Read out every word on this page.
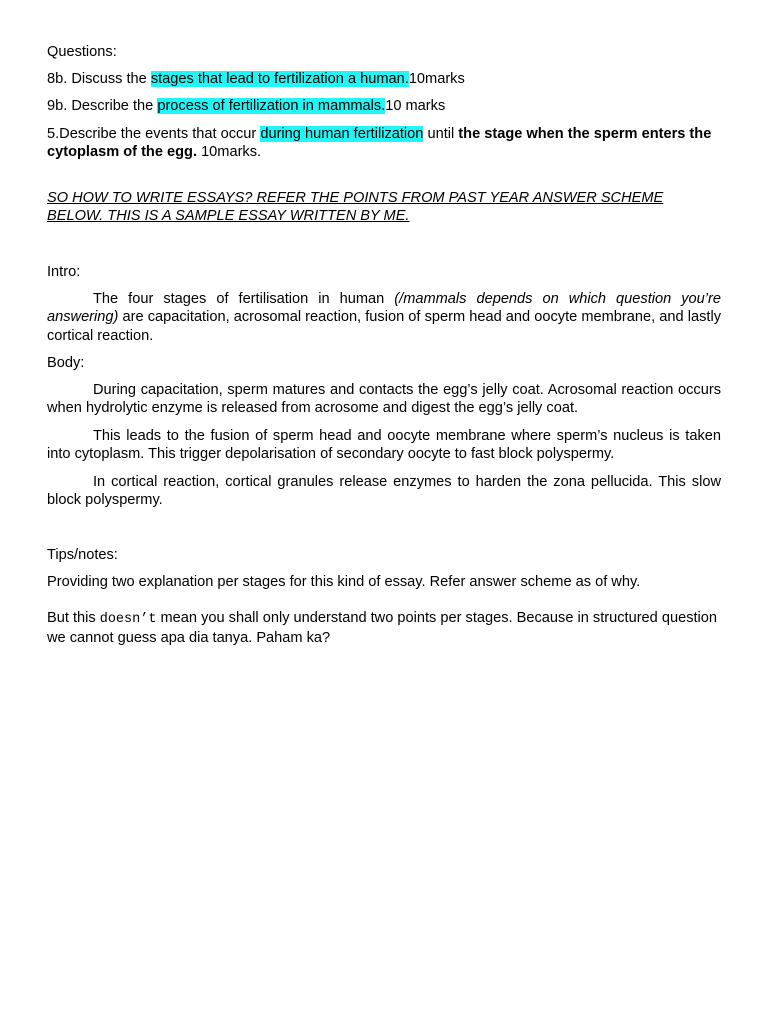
Questions:

8b. Discuss the stages that lead to fertilization a human.10marks

9b. Describe the process of fertilization in mammals.10 marks

5.Describe the events that occur during human fertilization until the stage when the sperm enters the cytoplasm of the egg. 10marks.

SO HOW TO WRITE ESSAYS? REFER THE POINTS FROM PAST YEAR ANSWER SCHEME BELOW. THIS IS A SAMPLE ESSAY WRITTEN BY ME.

Intro:

The four stages of fertilisation in human (/mammals depends on which question you’re answering) are capacitation, acrosomal reaction, fusion of sperm head and oocyte membrane, and lastly cortical reaction.

Body:

During capacitation, sperm matures and contacts the egg’s jelly coat. Acrosomal reaction occurs when hydrolytic enzyme is released from acrosome and digest the egg’s jelly coat.

This leads to the fusion of sperm head and oocyte membrane where sperm’s nucleus is taken into cytoplasm. This trigger depolarisation of secondary oocyte to fast block polyspermy.

In cortical reaction, cortical granules release enzymes to harden the zona pellucida. This slow block polyspermy.

Tips/notes:

Providing two explanation per stages for this kind of essay. Refer answer scheme as of why.

But this doesn’t mean you shall only understand two points per stages. Because in structured question we cannot guess apa dia tanya. Paham ka?
